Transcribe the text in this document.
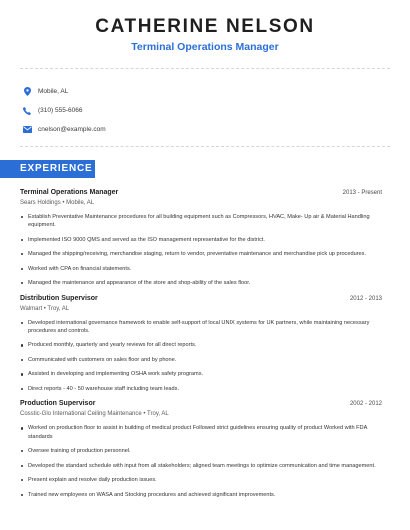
CATHERINE NELSON
Terminal Operations Manager
Mobile, AL
(310) 555-6066
cnelson@example.com
EXPERIENCE
Terminal Operations Manager	2013 - Present
Sears Holdings • Mobile, AL
Establish Preventative Maintenance procedures for all building equipment such as Compressors, HVAC, Make- Up air & Material Handling equipment.
Implemented ISO 9000 QMS and served as the ISO management representative for the district.
Managed the shipping/receiving, merchandise staging, return to vendor, preventative maintenance and merchandise pick up procedures.
Worked with CPA on financial statements.
Managed the maintenance and appearance of the store and shop-ability of the sales floor.
Distribution Supervisor	2012 - 2013
Walmart • Troy, AL
Developed international governance framework to enable self-support of local UNIX systems for UK partners, while maintaining necessary procedures and controls.
Produced monthly, quarterly and yearly reviews for all direct reports.
Communicated with customers on sales floor and by phone.
Assisted in developing and implementing OSHA work safety programs.
Direct reports - 40 - 50 warehouse staff including team leads.
Production Supervisor	2002 - 2012
Cosstic-Glo International Ceiling Maintenance • Troy, AL
Worked on production floor to assist in building of medical product Followed strict guidelines ensuring quality of product Worked with FDA standards
Oversee training of production personnel.
Developed the standard schedule with input from all stakeholders; aligned team meetings to optimize communication and time management.
Present explain and resolve daily production issues.
Trained new employees on WASA and Stocking procedures and achieved significant improvements.
